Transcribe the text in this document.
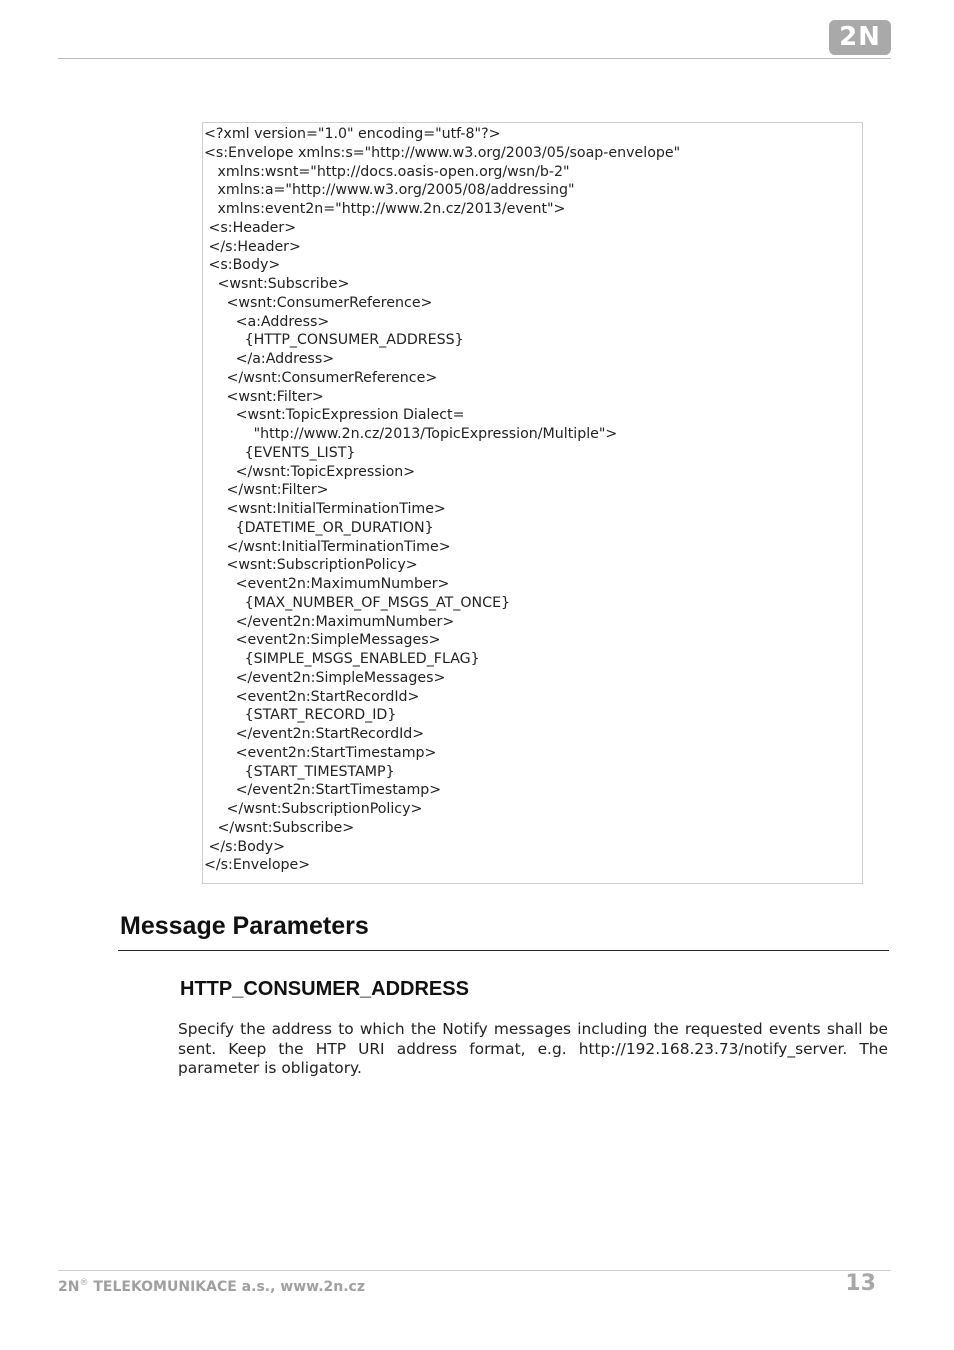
2N
<?xml version="1.0" encoding="utf-8"?>
<s:Envelope xmlns:s="http://www.w3.org/2003/05/soap-envelope"
xmlns:wsnt="http://docs.oasis-open.org/wsn/b-2"
xmlns:a="http://www.w3.org/2005/08/addressing"
xmlns:event2n="http://www.2n.cz/2013/event">
<s:Header>
</s:Header>
<s:Body>
<wsnt:Subscribe>
<wsnt:ConsumerReference>
<a:Address>
{HTTP_CONSUMER_ADDRESS}
</a:Address>
</wsnt:ConsumerReference>
<wsnt:Filter>
<wsnt:TopicExpression Dialect=
"http://www.2n.cz/2013/TopicExpression/Multiple">
{EVENTS_LIST}
</wsnt:TopicExpression>
</wsnt:Filter>
<wsnt:InitialTerminationTime>
{DATETIME_OR_DURATION}
</wsnt:InitialTerminationTime>
<wsnt:SubscriptionPolicy>
<event2n:MaximumNumber>
{MAX_NUMBER_OF_MSGS_AT_ONCE}
</event2n:MaximumNumber>
<event2n:SimpleMessages>
{SIMPLE_MSGS_ENABLED_FLAG}
</event2n:SimpleMessages>
<event2n:StartRecordId>
{START_RECORD_ID}
</event2n:StartRecordId>
<event2n:StartTimestamp>
{START_TIMESTAMP}
</event2n:StartTimestamp>
</wsnt:SubscriptionPolicy>
</wsnt:Subscribe>
</s:Body>
</s:Envelope>
Message Parameters
HTTP_CONSUMER_ADDRESS

Specify the address to which the Notify messages including the requested events shall be sent. Keep the HTP URI address format, e.g. http://192.168.23.73/notify_server. The parameter is obligatory.

2N® TELEKOMUNIKACE a.s., www.2n.cz	13
